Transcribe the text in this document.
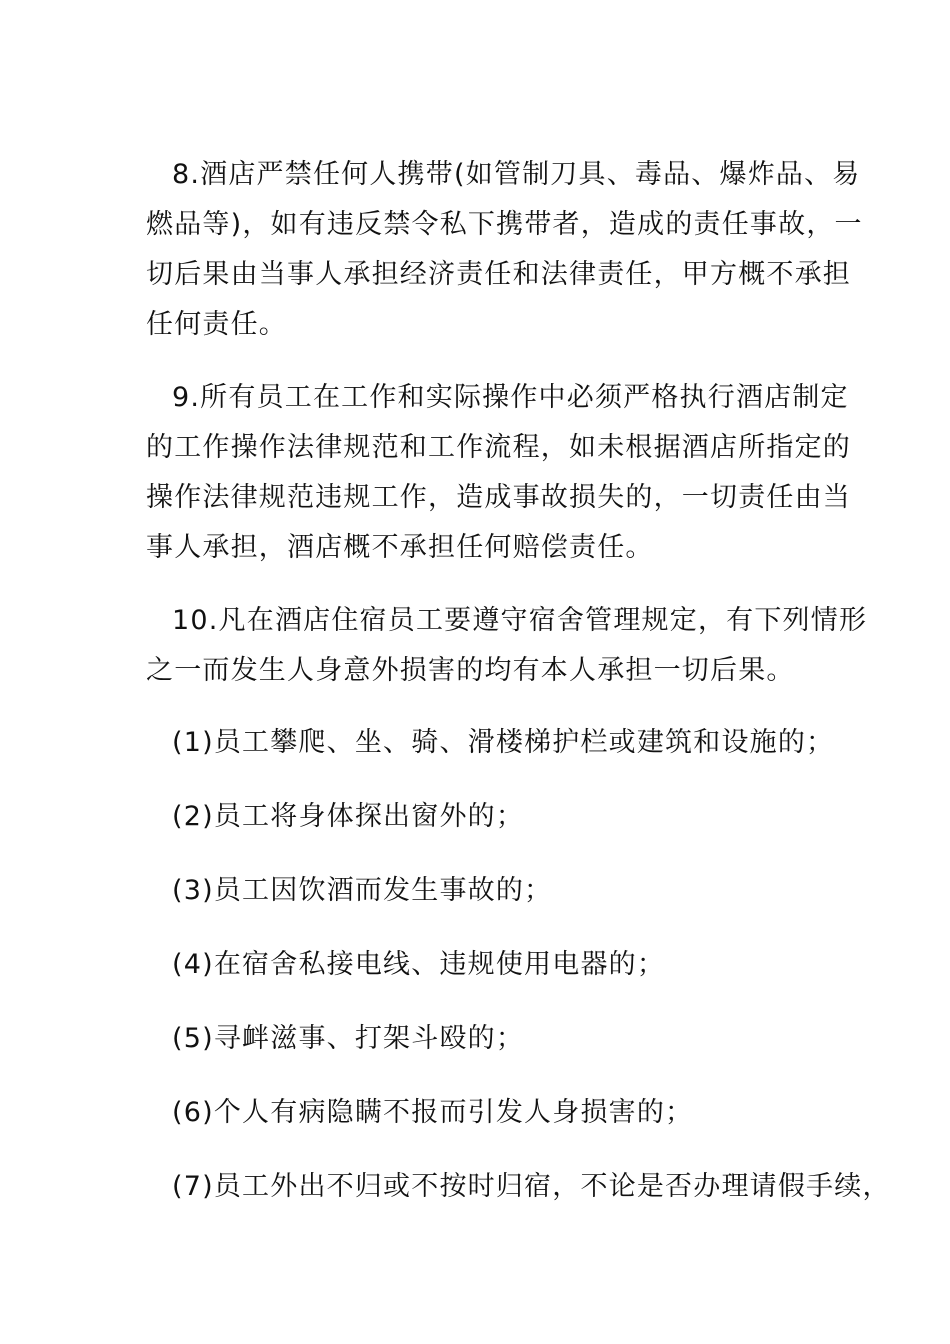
8.酒店严禁任何人携带(如管制刀具、毒品、爆炸品、易
燃品等)，如有违反禁令私下携带者，造成的责任事故，一
切后果由当事人承担经济责任和法律责任，甲方概不承担
任何责任。
9.所有员工在工作和实际操作中必须严格执行酒店制定
的工作操作法律规范和工作流程，如未根据酒店所指定的
操作法律规范违规工作，造成事故损失的，一切责任由当
事人承担，酒店概不承担任何赔偿责任。
10.凡在酒店住宿员工要遵守宿舍管理规定，有下列情形
之一而发生人身意外损害的均有本人承担一切后果。
(1)员工攀爬、坐、骑、滑楼梯护栏或建筑和设施的；
(2)员工将身体探出窗外的；
(3)员工因饮酒而发生事故的；
(4)在宿舍私接电线、违规使用电器的；
(5)寻衅滋事、打架斗殴的；
(6)个人有病隐瞒不报而引发人身损害的；
(7)员工外出不归或不按时归宿，不论是否办理请假手续，
